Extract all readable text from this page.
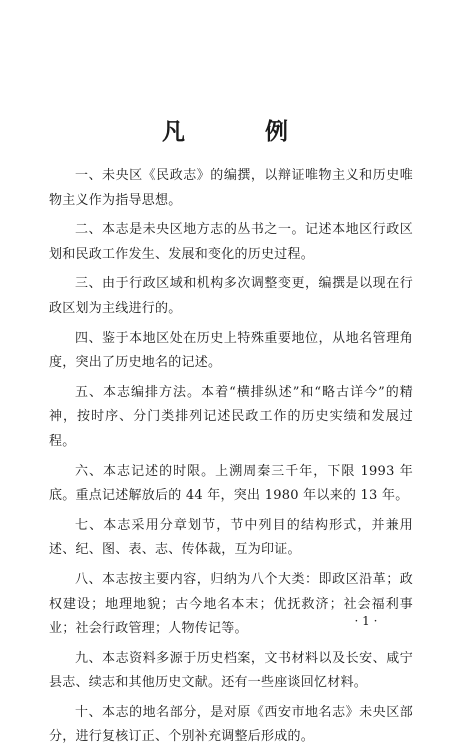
凡 例

一、未央区《民政志》的编撰，以辩证唯物主义和历史唯物主义作为指导思想。

二、本志是未央区地方志的丛书之一。记述本地区行政区划和民政工作发生、发展和变化的历史过程。

三、由于行政区域和机构多次调整变更，编撰是以现在行政区划为主线进行的。

四、鉴于本地区处在历史上特殊重要地位，从地名管理角度，突出了历史地名的记述。

五、本志编排方法。本着“横排纵述”和“略古详今”的精神，按时序、分门类排列记述民政工作的历史实绩和发展过程。

六、本志记述的时限。上溯周秦三千年，下限 1993 年底。重点记述解放后的 44 年，突出 1980 年以来的 13 年。

七、本志采用分章划节，节中列目的结构形式，并兼用述、纪、图、表、志、传体裁，互为印证。

八、本志按主要内容，归纳为八个大类：即政区沿革；政权建设；地理地貌；古今地名本末；优抚救济；社会福利事业；社会行政管理；人物传记等。

九、本志资料多源于历史档案，文书材料以及长安、咸宁县志、续志和其他历史文献。还有一些座谈回忆材料。

十、本志的地名部分，是对原《西安市地名志》未央区部分，进行复核订正、个别补充调整后形成的。

· 1 ·
